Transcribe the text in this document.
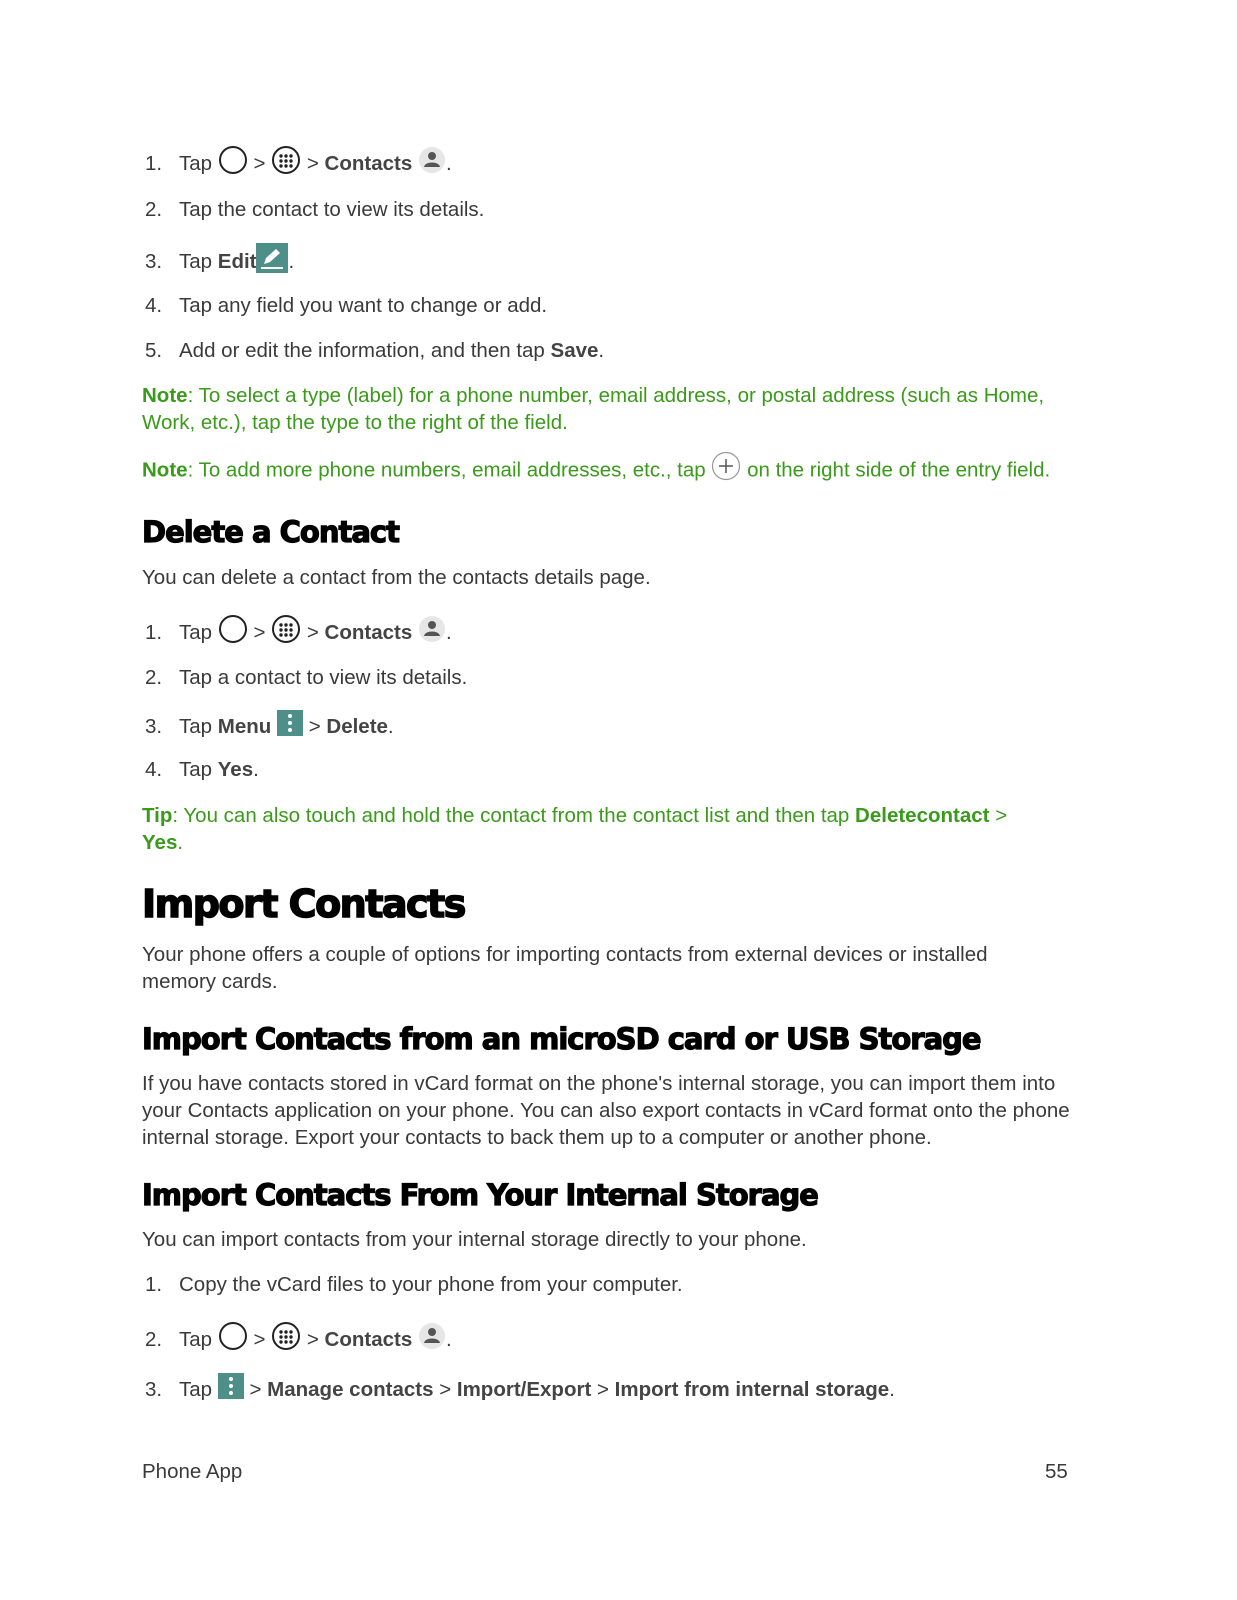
1. Tap > > Contacts .
2. Tap the contact to view its details.
3. Tap Edit .
4. Tap any field you want to change or add.
5. Add or edit the information, and then tap Save.
Note: To select a type (label) for a phone number, email address, or postal address (such as Home, Work, etc.), tap the type to the right of the field.
Note: To add more phone numbers, email addresses, etc., tap on the right side of the entry field.
Delete a Contact
You can delete a contact from the contacts details page.
1. Tap > > Contacts .
2. Tap a contact to view its details.
3. Tap Menu > Delete.
4. Tap Yes.
Tip: You can also touch and hold the contact from the contact list and then tap Deletecontact > Yes.
Import Contacts
Your phone offers a couple of options for importing contacts from external devices or installed memory cards.
Import Contacts from an microSD card or USB Storage
If you have contacts stored in vCard format on the phone's internal storage, you can import them into your Contacts application on your phone. You can also export contacts in vCard format onto the phone internal storage. Export your contacts to back them up to a computer or another phone.
Import Contacts From Your Internal Storage
You can import contacts from your internal storage directly to your phone.
1. Copy the vCard files to your phone from your computer.
2. Tap > > Contacts .
3. Tap > Manage contacts > Import/Export > Import from internal storage.
Phone App	55
